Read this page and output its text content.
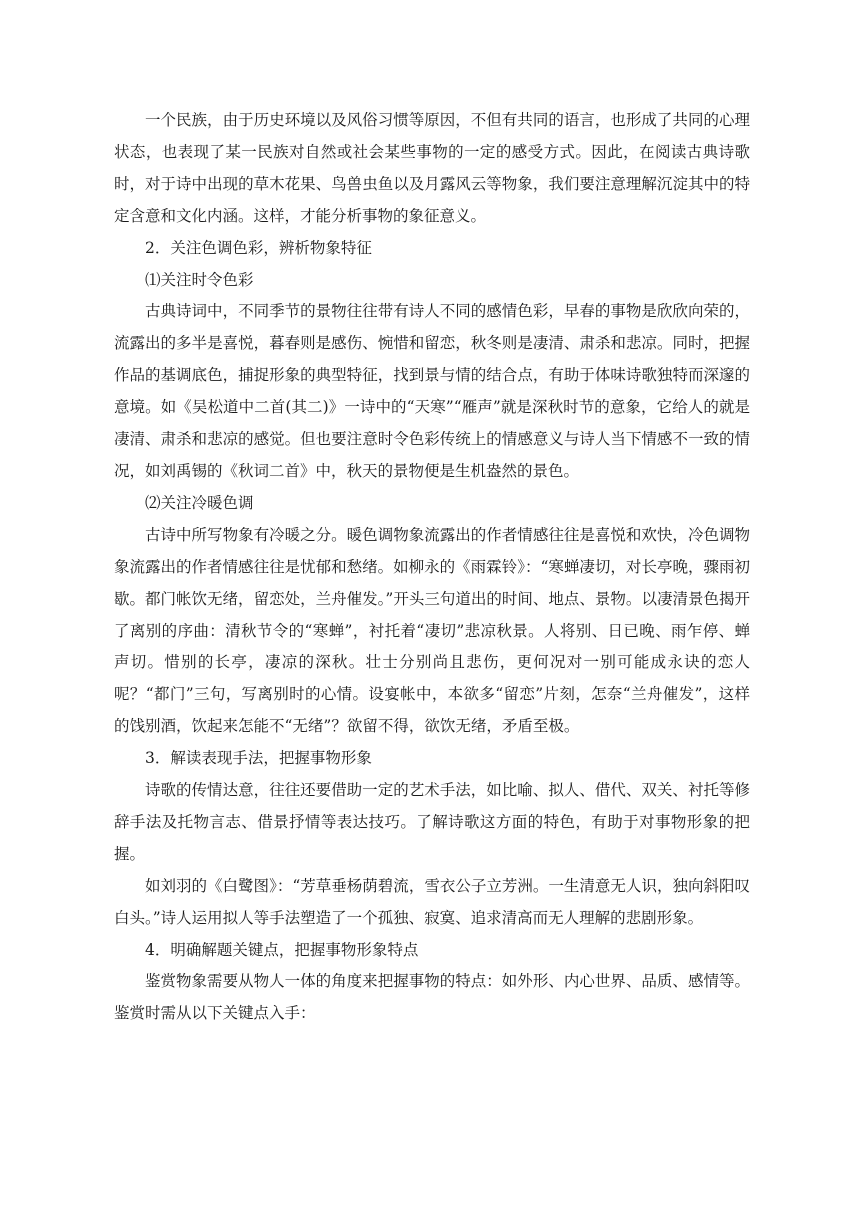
一个民族，由于历史环境以及风俗习惯等原因，不但有共同的语言，也形成了共同的心理状态，也表现了某一民族对自然或社会某些事物的一定的感受方式。因此，在阅读古典诗歌时，对于诗中出现的草木花果、鸟兽虫鱼以及月露风云等物象，我们要注意理解沉淀其中的特定含意和文化内涵。这样，才能分析事物的象征意义。

2．关注色调色彩，辨析物象特征

⑴关注时令色彩

古典诗词中，不同季节的景物往往带有诗人不同的感情色彩，早春的事物是欣欣向荣的，流露出的多半是喜悦，暮春则是感伤、惋惜和留恋，秋冬则是凄清、肃杀和悲凉。同时，把握作品的基调底色，捕捉形象的典型特征，找到景与情的结合点，有助于体味诗歌独特而深邃的意境。如《吴松道中二首(其二)》一诗中的“天寒”“雁声”就是深秋时节的意象，它给人的就是凄清、肃杀和悲凉的感觉。但也要注意时令色彩传统上的情感意义与诗人当下情感不一致的情况，如刘禹锡的《秋词二首》中，秋天的景物便是生机盎然的景色。

⑵关注冷暖色调

古诗中所写物象有冷暖之分。暖色调物象流露出的作者情感往往是喜悦和欢快，冷色调物象流露出的作者情感往往是忧郁和愁绪。如柳永的《雨霖铃》：“寒蝉凄切，对长亭晚，骤雨初歇。都门帐饮无绪，留恋处，兰舟催发。”开头三句道出的时间、地点、景物。以凄清景色揭开了离别的序曲：清秋节令的“寒蝉”，衬托着“凄切”悲凉秋景。人将别、日已晚、雨乍停、蝉声切。惜别的长亭，凄凉的深秋。壮士分别尚且悲伤，更何况对一别可能成永诀的恋人呢？“都门”三句，写离别时的心情。设宴帐中，本欲多“留恋”片刻，怎奈“兰舟催发”，这样的饯别酒，饮起来怎能不“无绪”？欲留不得，欲饮无绪，矛盾至极。

3．解读表现手法，把握事物形象

诗歌的传情达意，往往还要借助一定的艺术手法，如比喻、拟人、借代、双关、衬托等修辞手法及托物言志、借景抒情等表达技巧。了解诗歌这方面的特色，有助于对事物形象的把握。

如刘羽的《白鹭图》：“芳草垂杨荫碧流，雪衣公子立芳洲。一生清意无人识，独向斜阳叹白头。”诗人运用拟人等手法塑造了一个孤独、寂寞、追求清高而无人理解的悲剧形象。

4．明确解题关键点，把握事物形象特点

鉴赏物象需要从物人一体的角度来把握事物的特点：如外形、内心世界、品质、感情等。鉴赏时需从以下关键点入手：
